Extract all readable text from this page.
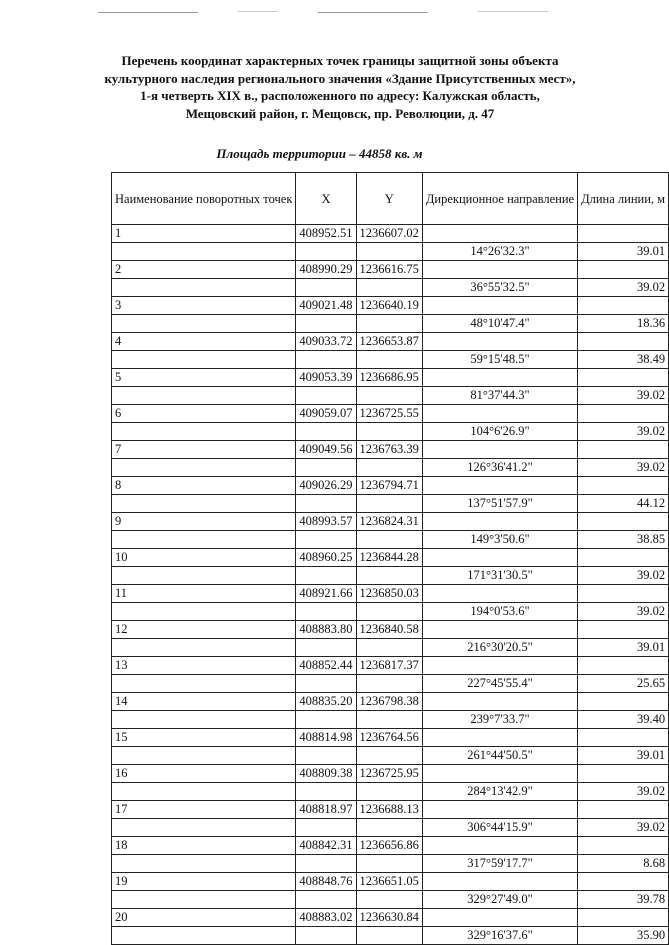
Перечень координат характерных точек границы защитной зоны объекта
культурного наследия регионального значения «Здание Присутственных мест»,
1-я четверть XIX в., расположенного по адресу: Калужская область,
Мещовский район, г. Мещовск, пр. Революции, д. 47
Площадь территории – 44858 кв. м
Наименование поворотных точек	X	Y	Дирекционное направление	Длина линии, м
1	408952.51	1236607.02		
			14°26'32.3"	39.01
2	408990.29	1236616.75		
			36°55'32.5"	39.02
3	409021.48	1236640.19		
			48°10'47.4"	18.36
4	409033.72	1236653.87		
			59°15'48.5"	38.49
5	409053.39	1236686.95		
			81°37'44.3"	39.02
6	409059.07	1236725.55		
			104°6'26.9"	39.02
7	409049.56	1236763.39		
			126°36'41.2"	39.02
8	409026.29	1236794.71		
			137°51'57.9"	44.12
9	408993.57	1236824.31		
			149°3'50.6"	38.85
10	408960.25	1236844.28		
			171°31'30.5"	39.02
11	408921.66	1236850.03		
			194°0'53.6"	39.02
12	408883.80	1236840.58		
			216°30'20.5"	39.01
13	408852.44	1236817.37		
			227°45'55.4"	25.65
14	408835.20	1236798.38		
			239°7'33.7"	39.40
15	408814.98	1236764.56		
			261°44'50.5"	39.01
16	408809.38	1236725.95		
			284°13'42.9"	39.02
17	408818.97	1236688.13		
			306°44'15.9"	39.02
18	408842.31	1236656.86		
			317°59'17.7"	8.68
19	408848.76	1236651.05		
			329°27'49.0"	39.78
20	408883.02	1236630.84		
			329°16'37.6"	35.90
